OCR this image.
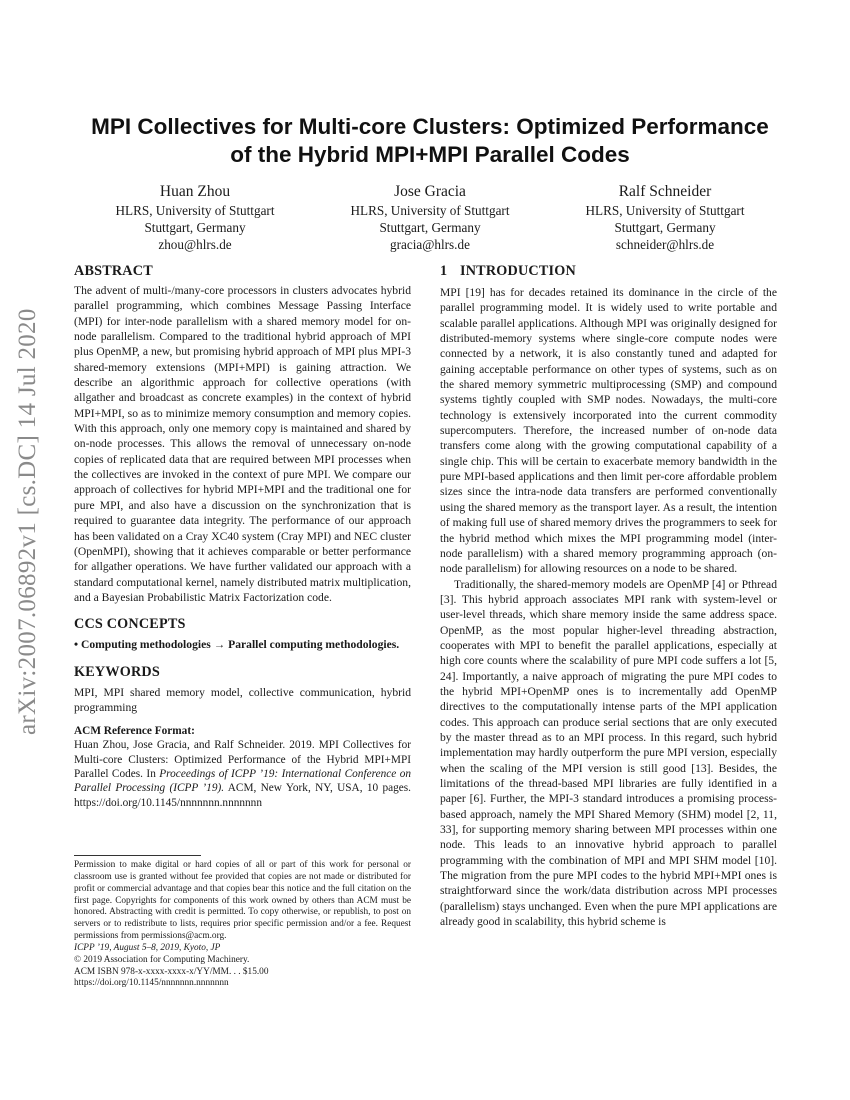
arXiv:2007.06892v1 [cs.DC] 14 Jul 2020
MPI Collectives for Multi-core Clusters: Optimized Performance
of the Hybrid MPI+MPI Parallel Codes
Huan Zhou
HLRS, University of Stuttgart
Stuttgart, Germany
zhou@hlrs.de
Jose Gracia
HLRS, University of Stuttgart
Stuttgart, Germany
gracia@hlrs.de
Ralf Schneider
HLRS, University of Stuttgart
Stuttgart, Germany
schneider@hlrs.de
ABSTRACT

The advent of multi-/many-core processors in clusters advocates hybrid parallel programming, which combines Message Passing Interface (MPI) for inter-node parallelism with a shared memory model for on-node parallelism. Compared to the traditional hybrid approach of MPI plus OpenMP, a new, but promising hybrid approach of MPI plus MPI-3 shared-memory extensions (MPI+MPI) is gaining attraction. We describe an algorithmic approach for collective operations (with allgather and broadcast as concrete examples) in the context of hybrid MPI+MPI, so as to minimize memory consumption and memory copies. With this approach, only one memory copy is maintained and shared by on-node processes. This allows the removal of unnecessary on-node copies of replicated data that are required between MPI processes when the collectives are invoked in the context of pure MPI. We compare our approach of collectives for hybrid MPI+MPI and the traditional one for pure MPI, and also have a discussion on the synchronization that is required to guarantee data integrity. The performance of our approach has been validated on a Cray XC40 system (Cray MPI) and NEC cluster (OpenMPI), showing that it achieves comparable or better performance for allgather operations. We have further validated our approach with a standard computational kernel, namely distributed matrix multiplication, and a Bayesian Probabilistic Matrix Factorization code.

CCS CONCEPTS

• Computing methodologies → Parallel computing methodologies.

KEYWORDS

MPI, MPI shared memory model, collective communication, hybrid programming

ACM Reference Format:

Huan Zhou, Jose Gracia, and Ralf Schneider. 2019. MPI Collectives for Multi-core Clusters: Optimized Performance of the Hybrid MPI+MPI Parallel Codes. In Proceedings of ICPP ’19: International Conference on Parallel Processing (ICPP ’19). ACM, New York, NY, USA, 10 pages. https://doi.org/10.1145/nnnnnnn.nnnnnnn

Permission to make digital or hard copies of all or part of this work for personal or classroom use is granted without fee provided that copies are not made or distributed for profit or commercial advantage and that copies bear this notice and the full citation on the first page. Copyrights for components of this work owned by others than ACM must be honored. Abstracting with credit is permitted. To copy otherwise, or republish, to post on servers or to redistribute to lists, requires prior specific permission and/or a fee. Request permissions from permissions@acm.org.
ICPP ’19, August 5–8, 2019, Kyoto, JP
© 2019 Association for Computing Machinery.
ACM ISBN 978-x-xxxx-xxxx-x/YY/MM. . . $15.00
https://doi.org/10.1145/nnnnnnn.nnnnnnn
1 INTRODUCTION

MPI [19] has for decades retained its dominance in the circle of the parallel programming model. It is widely used to write portable and scalable parallel applications. Although MPI was originally designed for distributed-memory systems where single-core compute nodes were connected by a network, it is also constantly tuned and adapted for gaining acceptable performance on other types of systems, such as on the shared memory symmetric multiprocessing (SMP) and compound systems tightly coupled with SMP nodes. Nowadays, the multi-core technology is extensively incorporated into the current commodity supercomputers. Therefore, the increased number of on-node data transfers come along with the growing computational capability of a single chip. This will be certain to exacerbate memory bandwidth in the pure MPI-based applications and then limit per-core affordable problem sizes since the intra-node data transfers are performed conventionally using the shared memory as the transport layer. As a result, the intention of making full use of shared memory drives the programmers to seek for the hybrid method which mixes the MPI programming model (inter-node parallelism) with a shared memory programming approach (on-node parallelism) for allowing resources on a node to be shared.

Traditionally, the shared-memory models are OpenMP [4] or Pthread [3]. This hybrid approach associates MPI rank with system-level or user-level threads, which share memory inside the same address space. OpenMP, as the most popular higher-level threading abstraction, cooperates with MPI to benefit the parallel applications, especially at high core counts where the scalability of pure MPI code suffers a lot [5, 24]. Importantly, a naive approach of migrating the pure MPI codes to the hybrid MPI+OpenMP ones is to incrementally add OpenMP directives to the computationally intense parts of the MPI application codes. This approach can produce serial sections that are only executed by the master thread as to an MPI process. In this regard, such hybrid implementation may hardly outperform the pure MPI version, especially when the scaling of the MPI version is still good [13]. Besides, the limitations of the thread-based MPI libraries are fully identified in a paper [6]. Further, the MPI-3 standard introduces a promising process-based approach, namely the MPI Shared Memory (SHM) model [2, 11, 33], for supporting memory sharing between MPI processes within one node. This leads to an innovative hybrid approach to parallel programming with the combination of MPI and MPI SHM model [10]. The migration from the pure MPI codes to the hybrid MPI+MPI ones is straightforward since the work/data distribution across MPI processes (parallelism) stays unchanged. Even when the pure MPI applications are already good in scalability, this hybrid scheme is
